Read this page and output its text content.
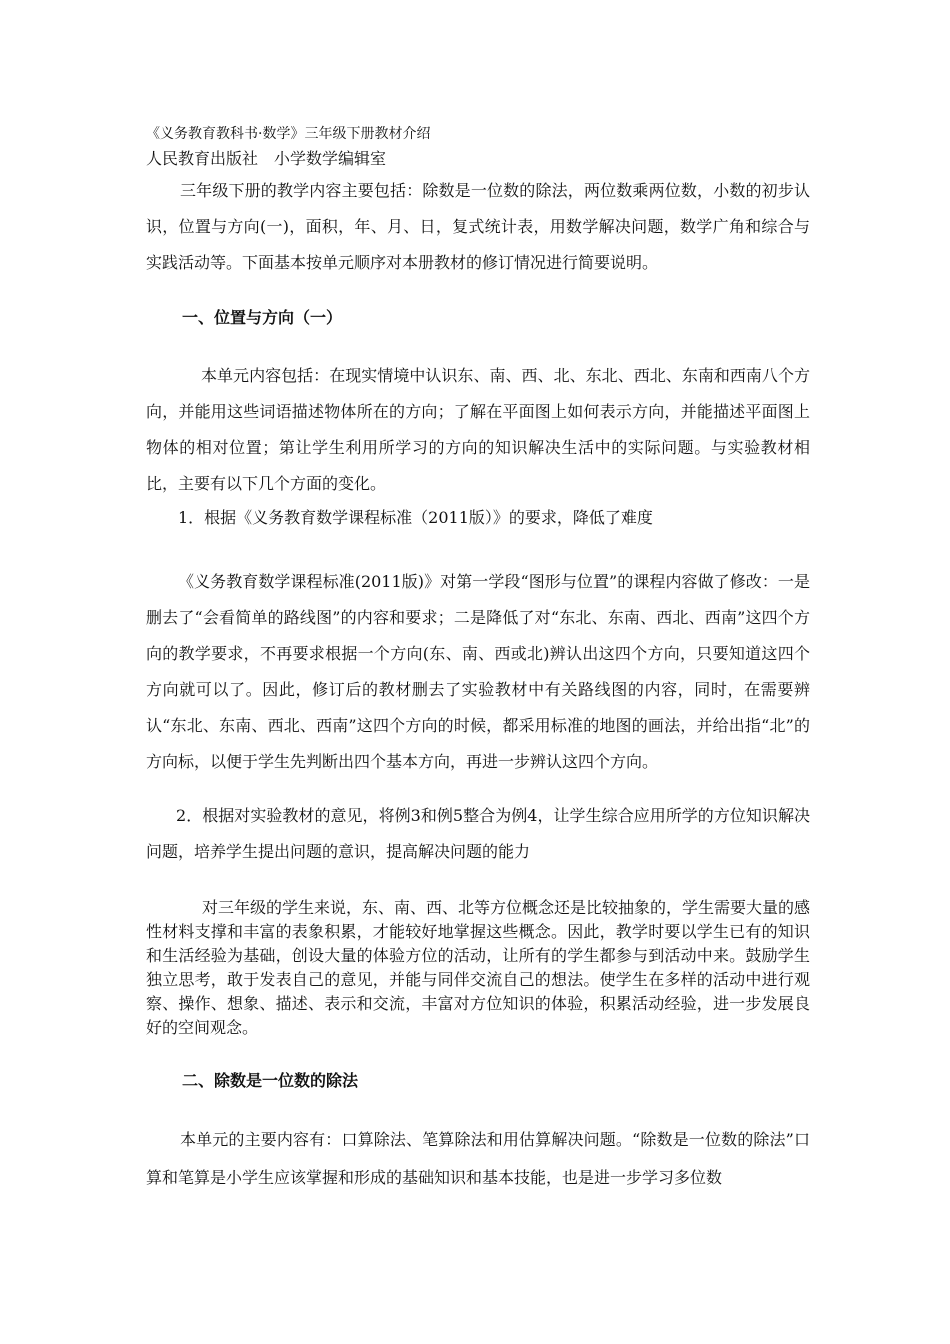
《义务教育教科书·数学》三年级下册教材介绍

人民教育出版社 小学数学编辑室

三年级下册的教学内容主要包括：除数是一位数的除法，两位数乘两位数，小数的初步认识，位置与方向(一)，面积，年、月、日，复式统计表，用数学解决问题，数学广角和综合与实践活动等。下面基本按单元顺序对本册教材的修订情况进行简要说明。

一、位置与方向（一）

本单元内容包括：在现实情境中认识东、南、西、北、东北、西北、东南和西南八个方向，并能用这些词语描述物体所在的方向；了解在平面图上如何表示方向，并能描述平面图上物体的相对位置；第让学生利用所学习的方向的知识解决生活中的实际问题。与实验教材相比，主要有以下几个方面的变化。

1．根据《义务教育数学课程标准（2011版）》的要求，降低了难度

《义务教育数学课程标准(2011版)》对第一学段“图形与位置”的课程内容做了修改：一是删去了“会看简单的路线图”的内容和要求；二是降低了对“东北、东南、西北、西南”这四个方向的教学要求，不再要求根据一个方向(东、南、西或北)辨认出这四个方向，只要知道这四个方向就可以了。因此，修订后的教材删去了实验教材中有关路线图的内容，同时，在需要辨认“东北、东南、西北、西南”这四个方向的时候，都采用标准的地图的画法，并给出指“北”的方向标，以便于学生先判断出四个基本方向，再进一步辨认这四个方向。

2．根据对实验教材的意见，将例3和例5整合为例4，让学生综合应用所学的方位知识解决问题，培养学生提出问题的意识，提高解决问题的能力

对三年级的学生来说，东、南、西、北等方位概念还是比较抽象的，学生需要大量的感性材料支撑和丰富的表象积累，才能较好地掌握这些概念。因此，教学时要以学生已有的知识和生活经验为基础，创设大量的体验方位的活动，让所有的学生都参与到活动中来。鼓励学生独立思考，敢于发表自己的意见，并能与同伴交流自己的想法。使学生在多样的活动中进行观察、操作、想象、描述、表示和交流，丰富对方位知识的体验，积累活动经验，进一步发展良好的空间观念。

二、除数是一位数的除法

本单元的主要内容有：口算除法、笔算除法和用估算解决问题。“除数是一位数的除法”口算和笔算是小学生应该掌握和形成的基础知识和基本技能，也是进一步学习多位数
